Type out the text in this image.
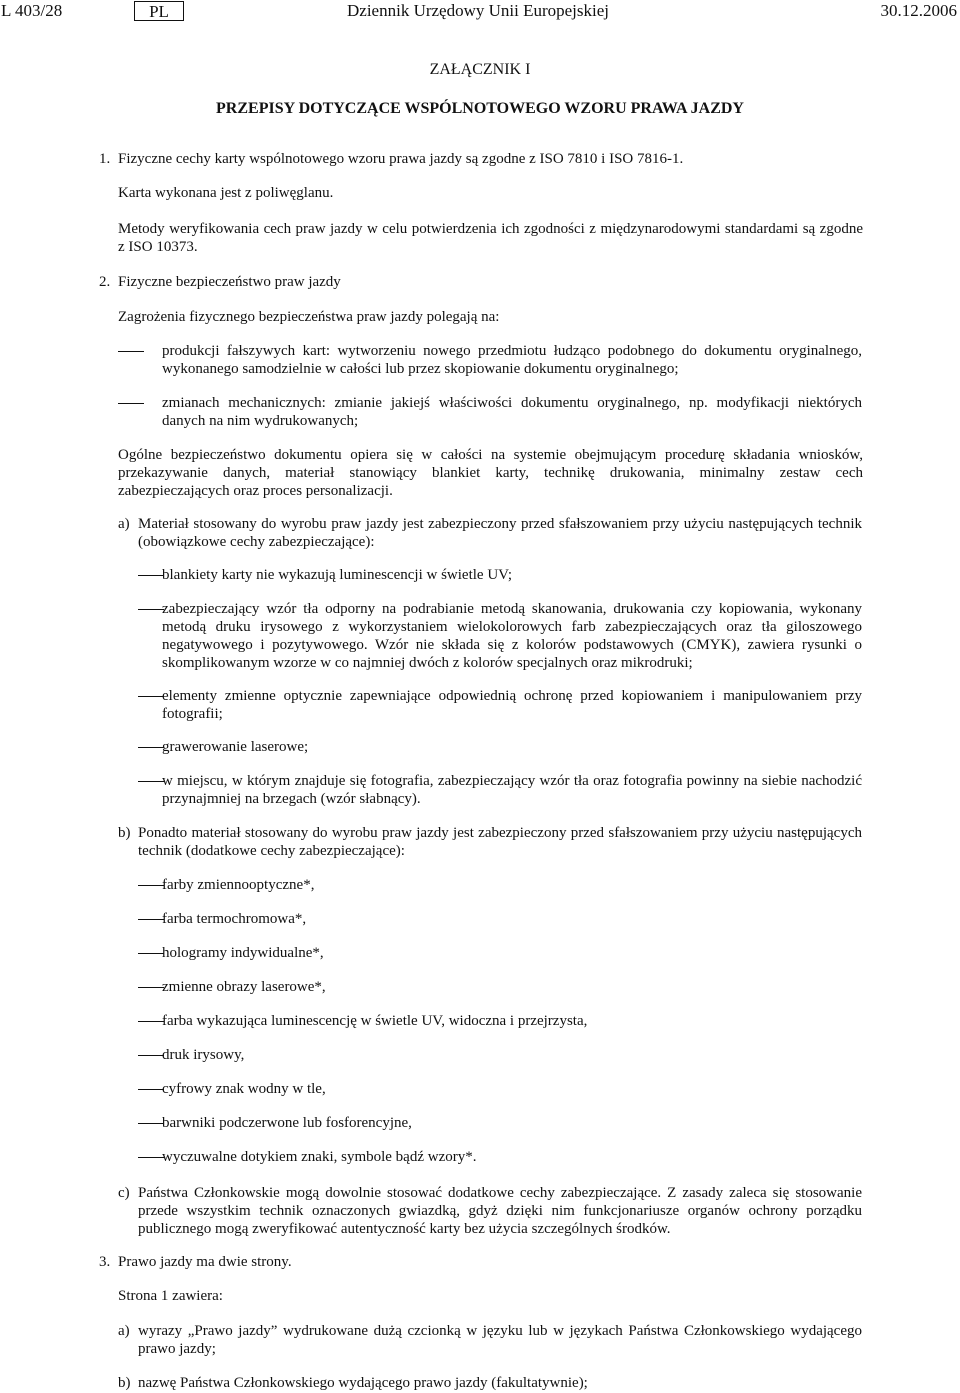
L 403/28	PL	Dziennik Urzędowy Unii Europejskiej	30.12.2006
ZAŁĄCZNIK I
PRZEPISY DOTYCZĄCE WSPÓLNOTOWEGO WZORU PRAWA JAZDY
1. Fizyczne cechy karty wspólnotowego wzoru prawa jazdy są zgodne z ISO 7810 i ISO 7816-1.
Karta wykonana jest z poliwęglanu.
Metody weryfikowania cech praw jazdy w celu potwierdzenia ich zgodności z międzynarodowymi standardami są zgodne z ISO 10373.
2. Fizyczne bezpieczeństwo praw jazdy
Zagrożenia fizycznego bezpieczeństwa praw jazdy polegają na:
produkcji fałszywych kart: wytworzeniu nowego przedmiotu łudząco podobnego do dokumentu oryginalnego, wykonanego samodzielnie w całości lub przez skopiowanie dokumentu oryginalnego;
zmianach mechanicznych: zmianie jakiejś właściwości dokumentu oryginalnego, np. modyfikacji niektórych danych na nim wydrukowanych;
Ogólne bezpieczeństwo dokumentu opiera się w całości na systemie obejmującym procedurę składania wniosków, przekazywanie danych, materiał stanowiący blankiet karty, technikę drukowania, minimalny zestaw cech zabezpieczających oraz proces personalizacji.
a) Materiał stosowany do wyrobu praw jazdy jest zabezpieczony przed sfałszowaniem przy użyciu następujących technik (obowiązkowe cechy zabezpieczające):
blankiety karty nie wykazują luminescencji w świetle UV;
zabezpieczający wzór tła odporny na podrabianie metodą skanowania, drukowania czy kopiowania, wykonany metodą druku irysowego z wykorzystaniem wielokolorowych farb zabezpieczających oraz tła giloszowego negatywowego i pozytywowego. Wzór nie składa się z kolorów podstawowych (CMYK), zawiera rysunki o skomplikowanym wzorze w co najmniej dwóch z kolorów specjalnych oraz mikrodruki;
elementy zmienne optycznie zapewniające odpowiednią ochronę przed kopiowaniem i manipulowaniem przy fotografii;
grawerowanie laserowe;
w miejscu, w którym znajduje się fotografia, zabezpieczający wzór tła oraz fotografia powinny na siebie nachodzić przynajmniej na brzegach (wzór słabnący).
b) Ponadto materiał stosowany do wyrobu praw jazdy jest zabezpieczony przed sfałszowaniem przy użyciu następujących technik (dodatkowe cechy zabezpieczające):
farby zmiennooptyczne*,
farba termochromowa*,
hologramy indywidualne*,
zmienne obrazy laserowe*,
farba wykazująca luminescencję w świetle UV, widoczna i przejrzysta,
druk irysowy,
cyfrowy znak wodny w tle,
barwniki podczerwone lub fosforencyjne,
wyczuwalne dotykiem znaki, symbole bądź wzory*.
c) Państwa Członkowskie mogą dowolnie stosować dodatkowe cechy zabezpieczające. Z zasady zaleca się stosowanie przede wszystkim technik oznaczonych gwiazdką, gdyż dzięki nim funkcjonariusze organów ochrony porządku publicznego mogą zweryfikować autentyczność karty bez użycia szczególnych środków.
3. Prawo jazdy ma dwie strony.
Strona 1 zawiera:
a) wyrazy „Prawo jazdy” wydrukowane dużą czcionką w języku lub w językach Państwa Członkowskiego wydającego prawo jazdy;
b) nazwę Państwa Członkowskiego wydającego prawo jazdy (fakultatywnie);
